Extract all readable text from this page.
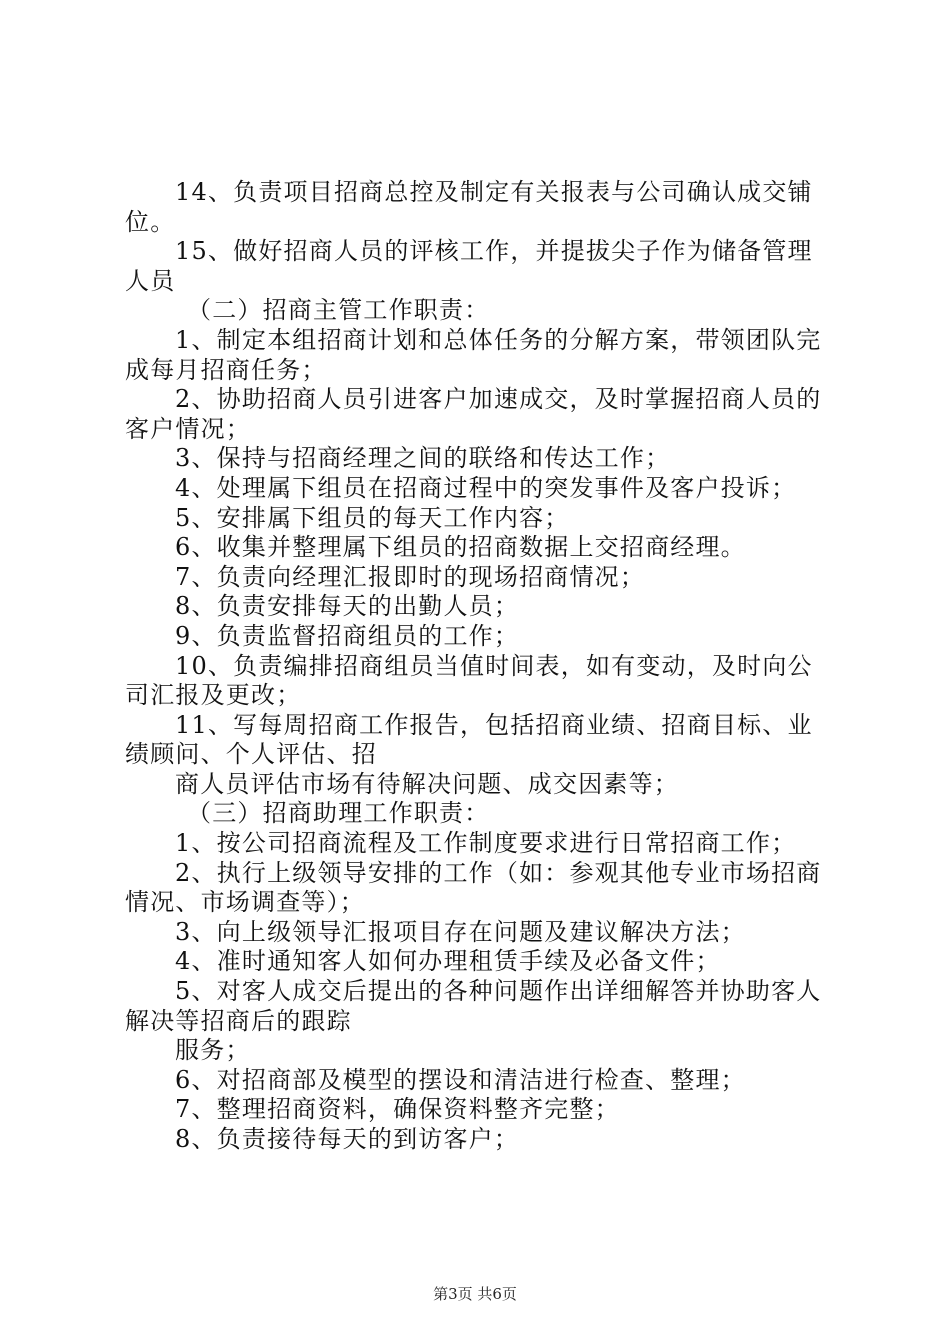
14、负责项目招商总控及制定有关报表与公司确认成交铺
位。
15、做好招商人员的评核工作，并提拔尖子作为储备管理
人员
（二）招商主管工作职责：
1、制定本组招商计划和总体任务的分解方案，带领团队完
成每月招商任务；
2、协助招商人员引进客户加速成交，及时掌握招商人员的
客户情况；
3、保持与招商经理之间的联络和传达工作；
4、处理属下组员在招商过程中的突发事件及客户投诉；
5、安排属下组员的每天工作内容；
6、收集并整理属下组员的招商数据上交招商经理。
7、负责向经理汇报即时的现场招商情况；
8、负责安排每天的出勤人员；
9、负责监督招商组员的工作；
10、负责编排招商组员当值时间表，如有变动，及时向公
司汇报及更改；
11、写每周招商工作报告，包括招商业绩、招商目标、业
绩顾问、个人评估、招
商人员评估市场有待解决问题、成交因素等；
（三）招商助理工作职责：
1、按公司招商流程及工作制度要求进行日常招商工作；
2、执行上级领导安排的工作（如：参观其他专业市场招商
情况、市场调查等）；
3、向上级领导汇报项目存在问题及建议解决方法；
4、准时通知客人如何办理租赁手续及必备文件；
5、对客人成交后提出的各种问题作出详细解答并协助客人
解决等招商后的跟踪
服务；
6、对招商部及模型的摆设和清洁进行检查、整理；
7、整理招商资料，确保资料整齐完整；
8、负责接待每天的到访客户；
第3页 共6页
